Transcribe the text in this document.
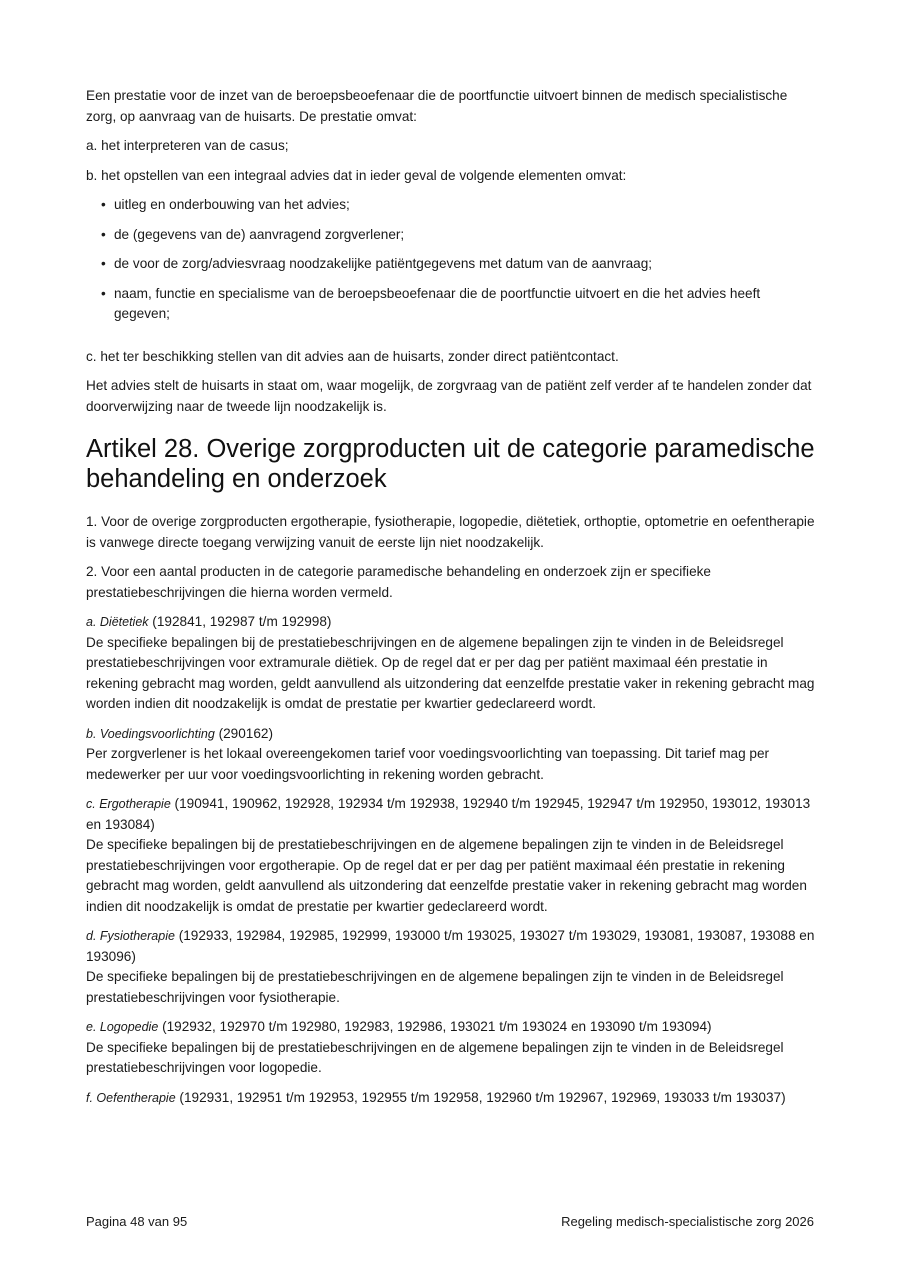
Een prestatie voor de inzet van de beroepsbeoefenaar die de poortfunctie uitvoert binnen de medisch specialistische zorg, op aanvraag van de huisarts. De prestatie omvat:

a. het interpreteren van de casus;

b. het opstellen van een integraal advies dat in ieder geval de volgende elementen omvat:

• uitleg en onderbouwing van het advies;
• de (gegevens van de) aanvragend zorgverlener;
• de voor de zorg/adviesvraag noodzakelijke patiëntgegevens met datum van de aanvraag;
• naam, functie en specialisme van de beroepsbeoefenaar die de poortfunctie uitvoert en die het advies heeft gegeven;

c. het ter beschikking stellen van dit advies aan de huisarts, zonder direct patiëntcontact.

Het advies stelt de huisarts in staat om, waar mogelijk, de zorgvraag van de patiënt zelf verder af te handelen zonder dat doorverwijzing naar de tweede lijn noodzakelijk is.

Artikel 28. Overige zorgproducten uit de categorie paramedische behandeling en onderzoek

1. Voor de overige zorgproducten ergotherapie, fysiotherapie, logopedie, diëtetiek, orthoptie, optometrie en oefentherapie is vanwege directe toegang verwijzing vanuit de eerste lijn niet noodzakelijk.

2. Voor een aantal producten in de categorie paramedische behandeling en onderzoek zijn er specifieke prestatiebeschrijvingen die hierna worden vermeld.

a. Diëtetiek (192841, 192987 t/m 192998)
De specifieke bepalingen bij de prestatiebeschrijvingen en de algemene bepalingen zijn te vinden in de Beleidsregel prestatiebeschrijvingen voor extramurale diëtiek. Op de regel dat er per dag per patiënt maximaal één prestatie in rekening gebracht mag worden, geldt aanvullend als uitzondering dat eenzelfde prestatie vaker in rekening gebracht mag worden indien dit noodzakelijk is omdat de prestatie per kwartier gedeclareerd wordt.
b. Voedingsvoorlichting (290162)
Per zorgverlener is het lokaal overeengekomen tarief voor voedingsvoorlichting van toepassing. Dit tarief mag per medewerker per uur voor voedingsvoorlichting in rekening worden gebracht.
c. Ergotherapie (190941, 190962, 192928, 192934 t/m 192938, 192940 t/m 192945, 192947 t/m 192950, 193012, 193013 en 193084)
De specifieke bepalingen bij de prestatiebeschrijvingen en de algemene bepalingen zijn te vinden in de Beleidsregel prestatiebeschrijvingen voor ergotherapie. Op de regel dat er per dag per patiënt maximaal één prestatie in rekening gebracht mag worden, geldt aanvullend als uitzondering dat eenzelfde prestatie vaker in rekening gebracht mag worden indien dit noodzakelijk is omdat de prestatie per kwartier gedeclareerd wordt.
d. Fysiotherapie (192933, 192984, 192985, 192999, 193000 t/m 193025, 193027 t/m 193029, 193081, 193087, 193088 en 193096)
De specifieke bepalingen bij de prestatiebeschrijvingen en de algemene bepalingen zijn te vinden in de Beleidsregel prestatiebeschrijvingen voor fysiotherapie.
e. Logopedie (192932, 192970 t/m 192980, 192983, 192986, 193021 t/m 193024 en 193090 t/m 193094)
De specifieke bepalingen bij de prestatiebeschrijvingen en de algemene bepalingen zijn te vinden in de Beleidsregel prestatiebeschrijvingen voor logopedie.
f. Oefentherapie (192931, 192951 t/m 192953, 192955 t/m 192958, 192960 t/m 192967, 192969, 193033 t/m 193037)
Pagina 48 van 95	Regeling medisch-specialistische zorg 2026
